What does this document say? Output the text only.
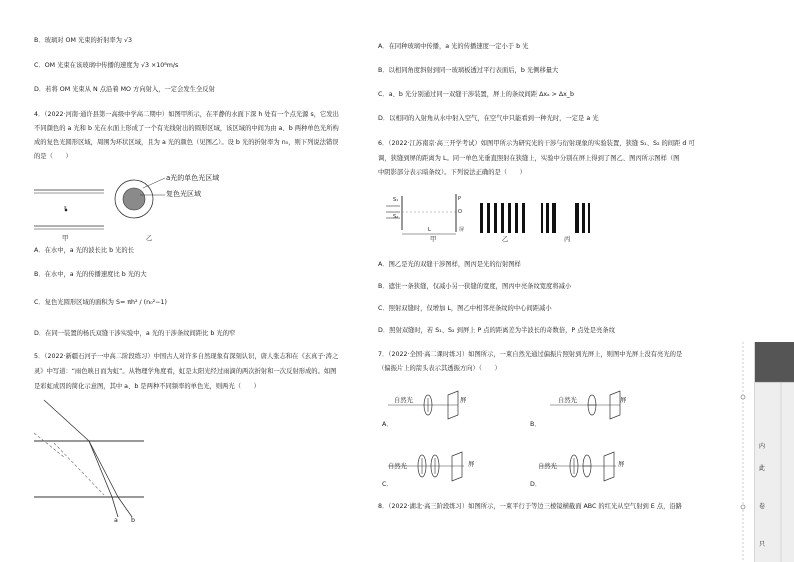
B．玻璃对 OM 光束的折射率为 √3
C．OM 光束在该玻璃中传播的速度为 √3 ×10⁸m/s
D．若将 OM 光束从 N 点沿着 MO 方向射入，一定会发生全反射
4．（2022·河南·通许县第一高级中学高二期中）如图甲所示，在平静的水面下深 h 处有一个点光源 s，它发出
不同颜色的 a 光和 b 光在水面上形成了一个有光线射出的圆形区域，该区域的中间为由 a、b 两种单色光所构
成的复色光圆形区域，周围为环状区域，且为 a 光的颜色（见图乙）。设 b 光的折射率为 n₀，则下列说法错误
的是（　　）
s
甲
a光的单色光区域
复色光区域
乙
A．在水中，a 光的波长比 b 光的长
B．在水中，a 光的传播速度比 b 光的大
C．复色光圆形区域的面积为 S= πh² / (n₀²−1)
D．在同一装置的杨氏双缝干涉实验中，a 光的干涉条纹间距比 b 光的窄
5．（2022·新疆石河子一中高二阶段练习）中国古人对许多自然现象有深刻认识，唐人张志和在《玄真子·涛之
灵》中写道：“雨色映日而为虹”。从物理学角度看，虹是太阳光经过雨滴的两次折射和一次反射形成的。如图
是彩虹成因的简化示意图，其中 a、b 是两种不同频率的单色光，则两光（　　）
a b
A．在同种玻璃中传播，a 光的传播速度一定小于 b 光
B．以相同角度斜射到同一玻璃板透过平行表面后，b 光侧移量大
C．a、b 光分别通过同一双缝干涉装置，屏上的条纹间距 Δxₐ > Δx_b
D．以相同的入射角从水中射入空气，在空气中只能看到一种光时，一定是 a 光
6．（2022·江苏南京·高三开学考试）如图甲所示为研究光的干涉与衍射现象的实验装置，狭缝 S₁、S₂ 的间距 d 可
调，狭缝到屏的距离为 L。同一单色光垂直照射在狭缝上，实验中分别在屏上得到了图乙、图丙所示图样（图
中阴影部分表示暗条纹）。下列说法正确的是（　　）
S₁
S₂
P
O
L	屏
甲	乙	丙
A．图乙是光的双缝干涉图样，图丙是光的衍射图样
B．遮住一条狭缝，仅减小另一狭缝的宽度，图丙中亮条纹宽度将减小
C．照射双缝时，仅增加 L，图乙中相邻亮条纹的中心间距减小
D．照射双缝时，若 S₁、S₂ 到屏上 P 点的距离差为半波长的奇数倍，P 点处是亮条纹
7．（2022·全国·高二课时练习）如图所示，一束自然光通过偏振片照射到光屏上，则图中光屏上没有亮光的是
（偏振片上的箭头表示其透振方向）（　　）
A．
自然光	屏
B．
自然光	屏
C．
自然光	屏
D．
自然光	屏
8．（2022·湖北·高三阶段练习）如图所示，一束平行于等边三棱镜横截面 ABC 的红光从空气射到 E 点，沿路
内
此
卷
只
